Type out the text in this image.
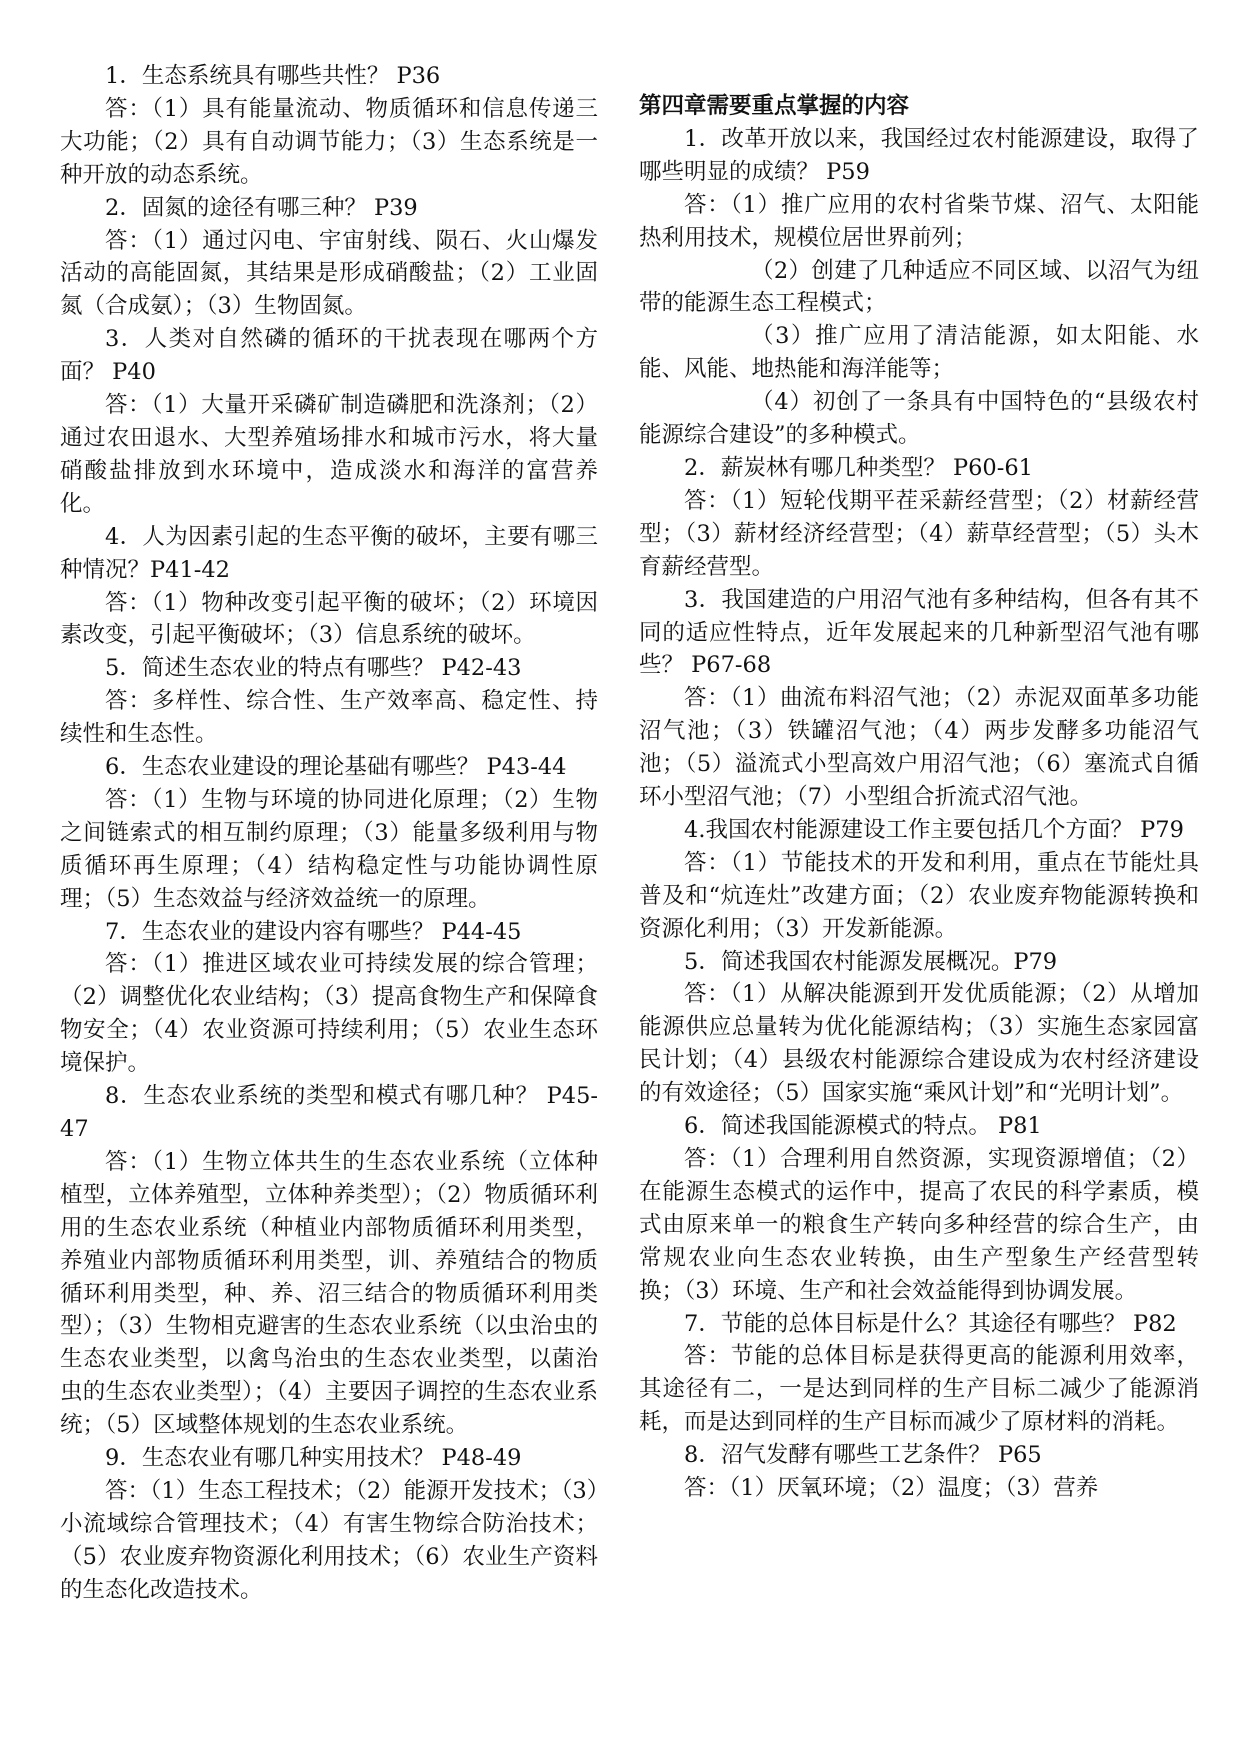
1．生态系统具有哪些共性？ P36

答：（1）具有能量流动、物质循环和信息传递三大功能；（2）具有自动调节能力；（3）生态系统是一种开放的动态系统。

2．固氮的途径有哪三种？ P39

答：（1）通过闪电、宇宙射线、陨石、火山爆发活动的高能固氮，其结果是形成硝酸盐；（2）工业固氮（合成氨）；（3）生物固氮。

3．人类对自然磷的循环的干扰表现在哪两个方面？ P40

答：（1）大量开采磷矿制造磷肥和洗涤剂；（2）通过农田退水、大型养殖场排水和城市污水，将大量硝酸盐排放到水环境中，造成淡水和海洋的富营养化。

4．人为因素引起的生态平衡的破坏，主要有哪三种情况？P41-42

答：（1）物种改变引起平衡的破坏；（2）环境因素改变，引起平衡破坏；（3）信息系统的破坏。

5．简述生态农业的特点有哪些？ P42-43

答：多样性、综合性、生产效率高、稳定性、持续性和生态性。

6．生态农业建设的理论基础有哪些？ P43-44

答：（1）生物与环境的协同进化原理；（2）生物之间链索式的相互制约原理；（3）能量多级利用与物质循环再生原理；（4）结构稳定性与功能协调性原理；（5）生态效益与经济效益统一的原理。

7．生态农业的建设内容有哪些？ P44-45

答：（1）推进区域农业可持续发展的综合管理；（2）调整优化农业结构；（3）提高食物生产和保障食物安全；（4）农业资源可持续利用；（5）农业生态环境保护。

8．生态农业系统的类型和模式有哪几种？ P45-47

答：（1）生物立体共生的生态农业系统（立体种植型，立体养殖型，立体种养类型）；（2）物质循环利用的生态农业系统（种植业内部物质循环利用类型，养殖业内部物质循环利用类型，训、养殖结合的物质循环利用类型，种、养、沼三结合的物质循环利用类型）；（3）生物相克避害的生态农业系统（以虫治虫的生态农业类型，以禽鸟治虫的生态农业类型，以菌治虫的生态农业类型）；（4）主要因子调控的生态农业系统；（5）区域整体规划的生态农业系统。

9．生态农业有哪几种实用技术？ P48-49

答：（1）生态工程技术；（2）能源开发技术；（3）小流域综合管理技术；（4）有害生物综合防治技术；（5）农业废弃物资源化利用技术；（6）农业生产资料的生态化改造技术。

第四章需要重点掌握的内容

1．改革开放以来，我国经过农村能源建设，取得了哪些明显的成绩？ P59

答：（1）推广应用的农村省柴节煤、沼气、太阳能热利用技术，规模位居世界前列；

（2）创建了几种适应不同区域、以沼气为纽带的能源生态工程模式；

（3）推广应用了清洁能源，如太阳能、水能、风能、地热能和海洋能等；

（4）初创了一条具有中国特色的“县级农村能源综合建设”的多种模式。

2．薪炭林有哪几种类型？ P60-61

答：（1）短轮伐期平茬采薪经营型；（2）材薪经营型；（3）薪材经济经营型；（4）薪草经营型；（5）头木育薪经营型。

3．我国建造的户用沼气池有多种结构，但各有其不同的适应性特点，近年发展起来的几种新型沼气池有哪些？ P67-68

答：（1）曲流布料沼气池；（2）赤泥双面革多功能沼气池；（3）铁罐沼气池；（4）两步发酵多功能沼气池；（5）溢流式小型高效户用沼气池；（6）塞流式自循环小型沼气池；（7）小型组合折流式沼气池。

4.我国农村能源建设工作主要包括几个方面？ P79

答：（1）节能技术的开发和利用，重点在节能灶具普及和“炕连灶”改建方面；（2）农业废弃物能源转换和资源化利用；（3）开发新能源。

5．简述我国农村能源发展概况。P79

答：（1）从解决能源到开发优质能源；（2）从增加能源供应总量转为优化能源结构；（3）实施生态家园富民计划；（4）县级农村能源综合建设成为农村经济建设的有效途径；（5）国家实施“乘风计划”和“光明计划”。

6．简述我国能源模式的特点。 P81

答：（1）合理利用自然资源，实现资源增值；（2）在能源生态模式的运作中，提高了农民的科学素质，模式由原来单一的粮食生产转向多种经营的综合生产，由常规农业向生态农业转换，由生产型象生产经营型转换；（3）环境、生产和社会效益能得到协调发展。

7．节能的总体目标是什么？其途径有哪些？ P82

答：节能的总体目标是获得更高的能源利用效率，其途径有二，一是达到同样的生产目标二减少了能源消耗，而是达到同样的生产目标而减少了原材料的消耗。

8．沼气发酵有哪些工艺条件？ P65

答：（1）厌氧环境；（2）温度；（3）营养
